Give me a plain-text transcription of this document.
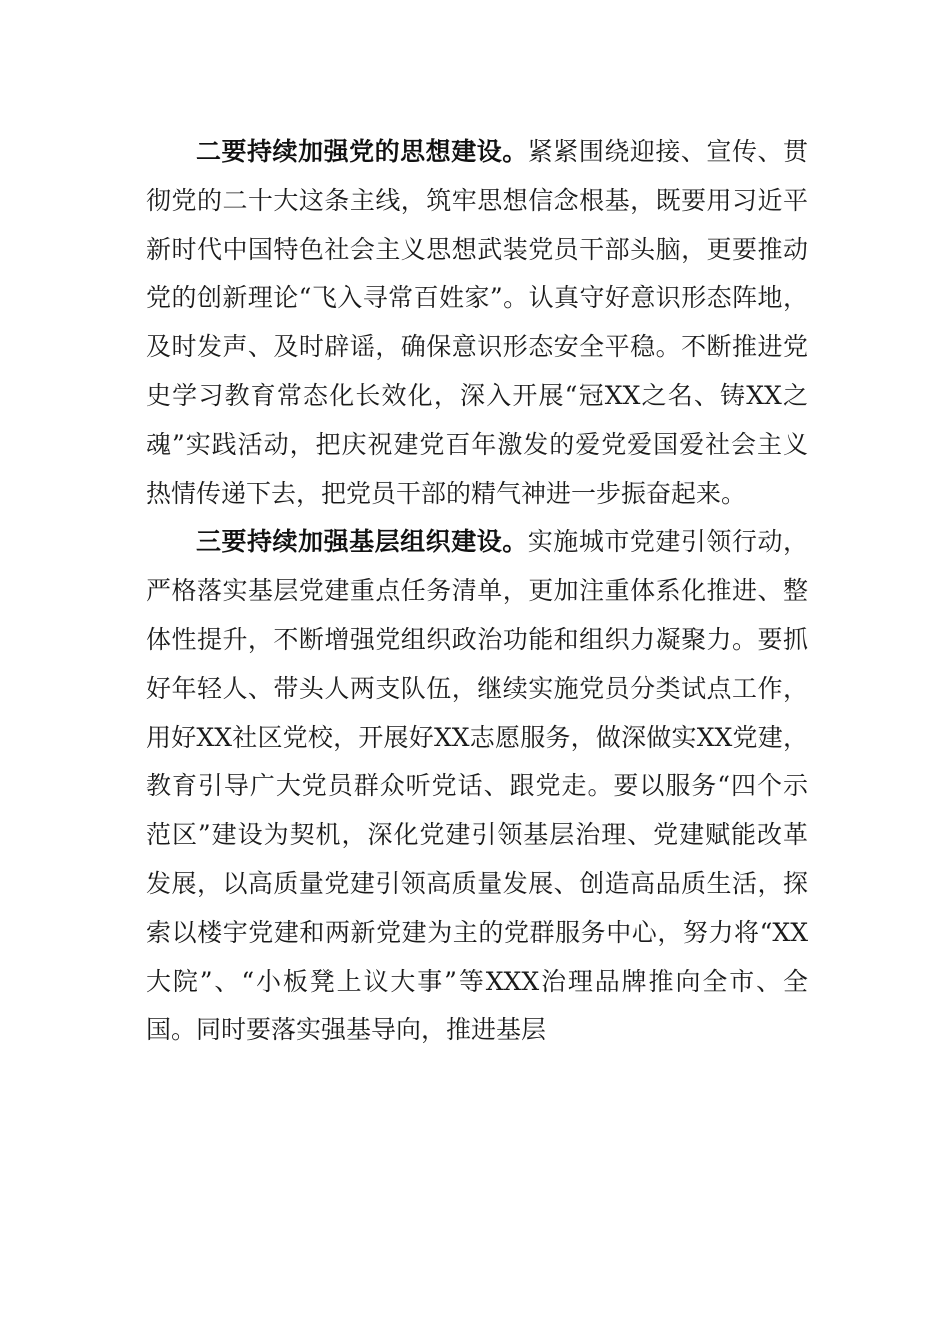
二要持续加强党的思想建设。紧紧围绕迎接、宣传、贯彻党的二十大这条主线，筑牢思想信念根基，既要用习近平新时代中国特色社会主义思想武装党员干部头脑，更要推动党的创新理论“飞入寻常百姓家”。认真守好意识形态阵地，及时发声、及时辟谣，确保意识形态安全平稳。不断推进党史学习教育常态化长效化，深入开展“冠XX之名、铸XX之魂”实践活动，把庆祝建党百年激发的爱党爱国爱社会主义热情传递下去，把党员干部的精气神进一步振奋起来。

三要持续加强基层组织建设。实施城市党建引领行动，严格落实基层党建重点任务清单，更加注重体系化推进、整体性提升，不断增强党组织政治功能和组织力凝聚力。要抓好年轻人、带头人两支队伍，继续实施党员分类试点工作，用好XX社区党校，开展好XX志愿服务，做深做实XX党建，教育引导广大党员群众听党话、跟党走。要以服务“四个示范区”建设为契机，深化党建引领基层治理、党建赋能改革发展，以高质量党建引领高质量发展、创造高品质生活，探索以楼宇党建和两新党建为主的党群服务中心，努力将“XX大院”、“小板凳上议大事”等XXX治理品牌推向全市、全国。同时要落实强基导向，推进基层
